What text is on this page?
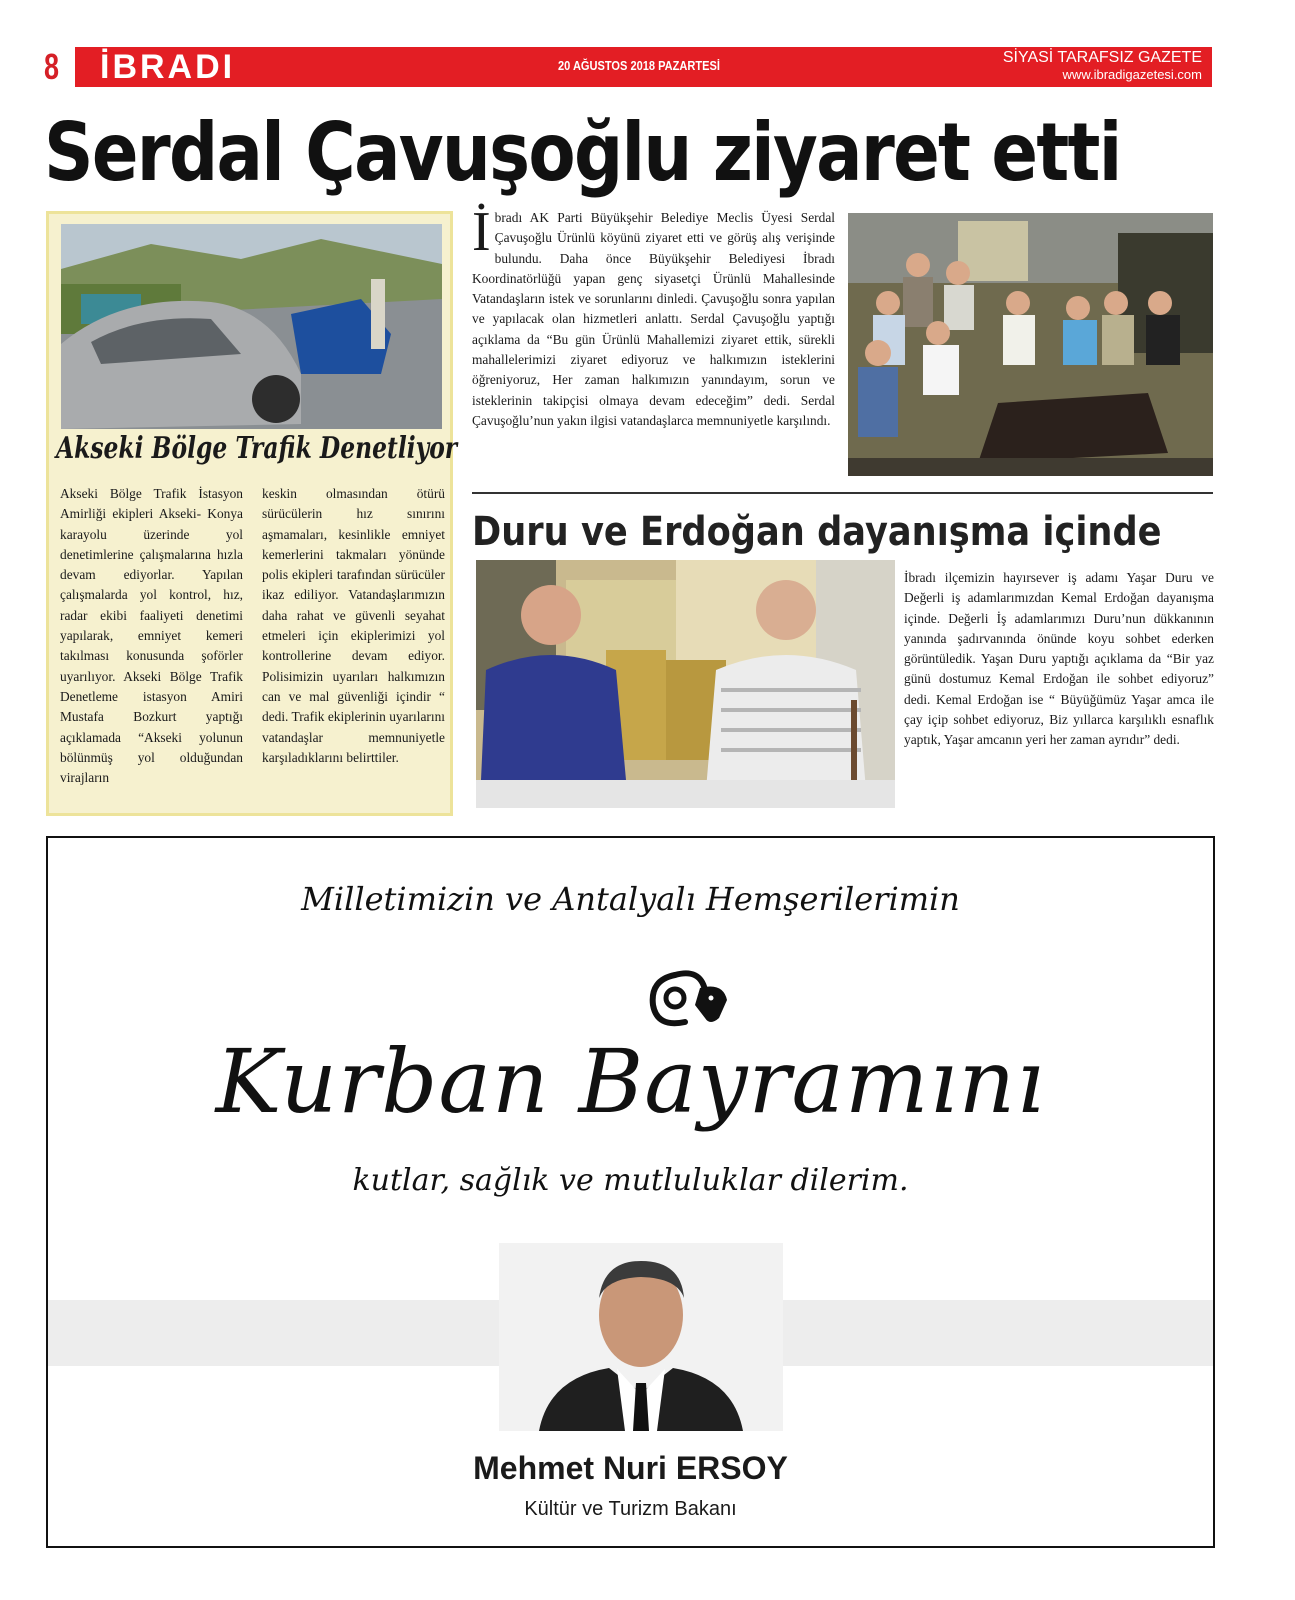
8 İBRADI	20 AĞUSTOS 2018 PAZARTESİ	SİYASİ TARAFSIZ GAZETE
www.ibradigazetesi.com
Serdal Çavuşoğlu ziyaret etti
Akseki Bölge Trafik Denetliyor
Akseki Bölge Trafik İstasyon Amirliği ekipleri Akseki- Konya karayolu üzerinde yol denetimlerine çalışmalarına hızla devam ediyorlar. Yapılan çalışmalarda yol kontrol, hız, radar ekibi faaliyeti denetimi yapılarak, emniyet kemeri takılması konusunda şoförler uyarılıyor. Akseki Bölge Trafik Denetleme istasyon Amiri Mustafa Bozkurt yaptığı açıklamada “Akseki yolunun bölünmüş yol olduğundan virajların
keskin olmasından ötürü sürücülerin hız sınırını aşmamaları, kesinlikle emniyet kemerlerini takmaları yönünde polis ekipleri tarafından sürücüler ikaz ediliyor. Vatandaşlarımızın daha rahat ve güvenli seyahat etmeleri için ekiplerimizi yol kontrollerine devam ediyor. Polisimizin uyarıları halkımızın can ve mal güvenliği içindir “ dedi. Trafik ekiplerinin uyarılarını vatandaşlar memnuniyetle karşıladıklarını belirttiler.
İbradı AK Parti Büyükşehir Belediye Meclis Üyesi Serdal Çavuşoğlu Ürünlü köyünü ziyaret etti ve görüş alış verişinde bulundu. Daha önce Büyükşehir Belediyesi İbradı Koordinatörlüğü yapan genç siyasetçi Ürünlü Mahallesinde Vatandaşların istek ve sorunlarını dinledi. Çavuşoğlu sonra yapılan ve yapılacak olan hizmetleri anlattı. Serdal Çavuşoğlu yaptığı açıklama da “Bu gün Ürünlü Mahallemizi ziyaret ettik, sürekli mahallelerimizi ziyaret ediyoruz ve halkımızın isteklerini öğreniyoruz, Her zaman halkımızın yanındayım, sorun ve isteklerinin takipçisi olmaya devam edeceğim” dedi. Serdal Çavuşoğlu’nun yakın ilgisi vatandaşlarca memnuniyetle karşılındı.
Duru ve Erdoğan dayanışma içinde
İbradı ilçemizin hayırsever iş adamı Yaşar Duru ve Değerli iş adamlarımızdan Kemal Erdoğan dayanışma içinde. Değerli İş adamlarımızı Duru’nun dükkanının yanında şadırvanında önünde koyu sohbet ederken görüntüledik. Yaşan Duru yaptığı açıklama da “Bir yaz günü dostumuz Kemal Erdoğan ile sohbet ediyoruz” dedi. Kemal Erdoğan ise “ Büyüğümüz Yaşar amca ile çay içip sohbet ediyoruz, Biz yıllarca karşılıklı esnaflık yaptık, Yaşar amcanın yeri her zaman ayrıdır” dedi.
Milletimizin ve Antalyalı Hemşerilerimin
Kurban Bayramını
kutlar, sağlık ve mutluluklar dilerim.
Mehmet Nuri ERSOY
Kültür ve Turizm Bakanı
